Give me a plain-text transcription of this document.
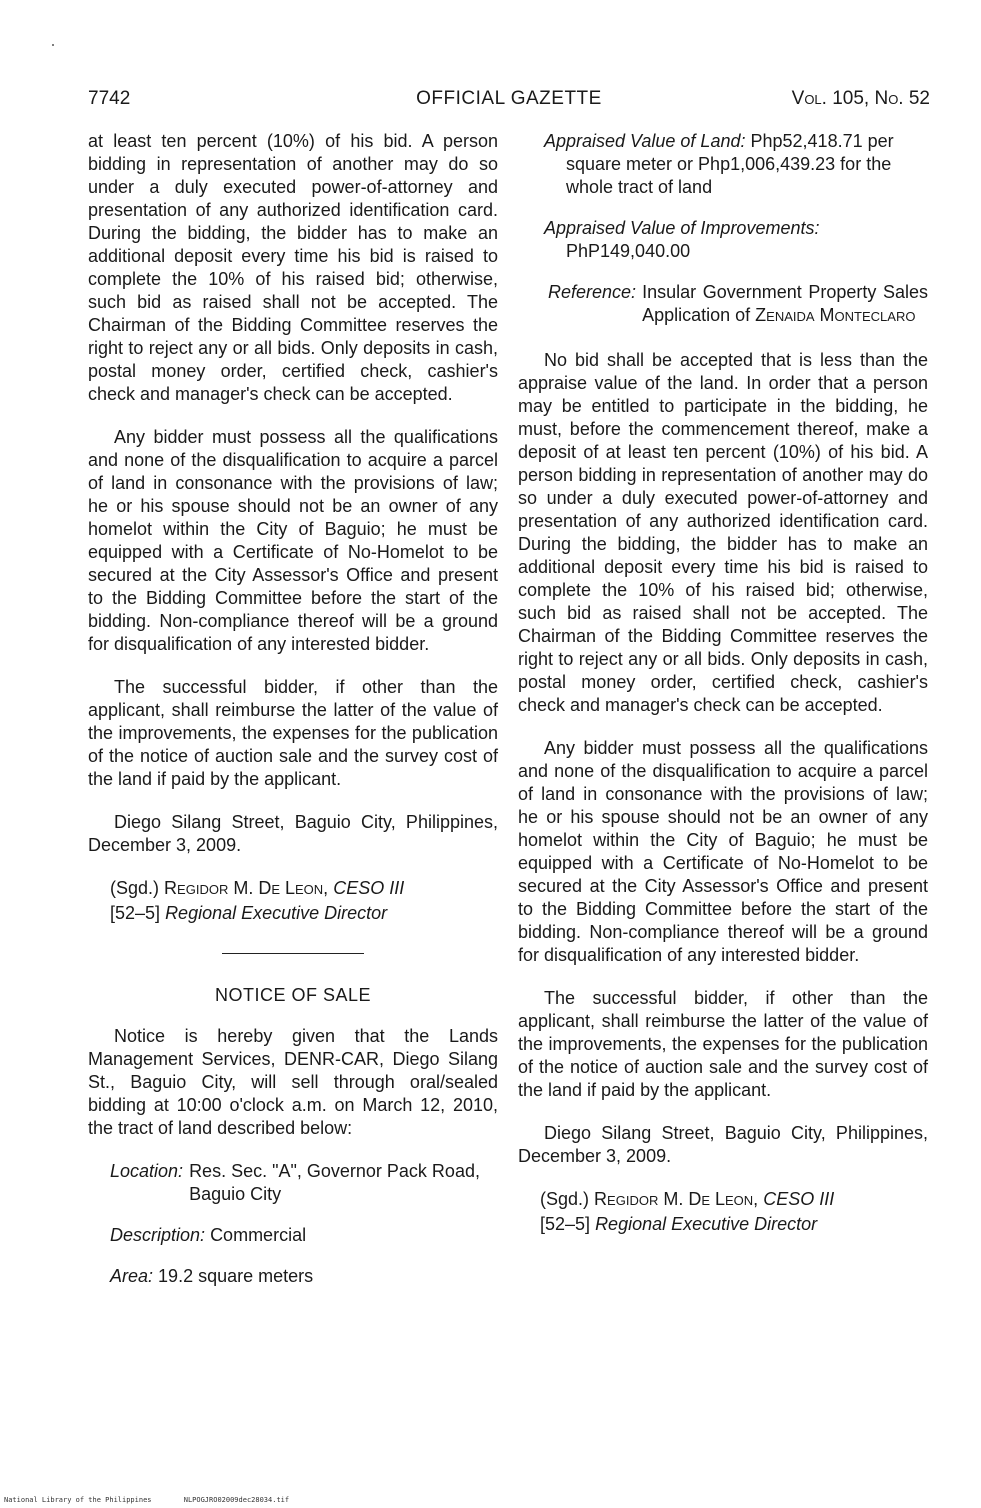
7742	OFFICIAL GAZETTE	Vol. 105, No. 52

at least ten percent (10%) of his bid. A person bidding in representation of another may do so under a duly executed power-of-attorney and presentation of any authorized identification card. During the bidding, the bidder has to make an additional deposit every time his bid is raised to complete the 10% of his raised bid; otherwise, such bid as raised shall not be accepted. The Chairman of the Bidding Committee reserves the right to reject any or all bids. Only deposits in cash, postal money order, certified check, cashier's check and manager's check can be accepted.

Any bidder must possess all the qualifications and none of the disqualification to acquire a parcel of land in consonance with the provisions of law; he or his spouse should not be an owner of any homelot within the City of Baguio; he must be equipped with a Certificate of No-Homelot to be secured at the City Assessor's Office and present to the Bidding Committee before the start of the bidding. Non-compliance thereof will be a ground for disqualification of any interested bidder.

The successful bidder, if other than the applicant, shall reimburse the latter of the value of the improvements, the expenses for the publication of the notice of auction sale and the survey cost of the land if paid by the applicant.

Diego Silang Street, Baguio City, Philippines, December 3, 2009.

(Sgd.) Regidor M. De Leon, CESO III
[52–5] Regional Executive Director
NOTICE OF SALE

Notice is hereby given that the Lands Management Services, DENR-CAR, Diego Silang St., Baguio City, will sell through oral/sealed bidding at 10:00 o'clock a.m. on March 12, 2010, the tract of land described below:

Location: Res. Sec. "A", Governor Pack Road, Baguio City
Description: Commercial
Area: 19.2 square meters
Appraised Value of Land: Php52,418.71 per square meter or Php1,006,439.23 for the whole tract of land
Appraised Value of Improvements: PhP149,040.00
Reference: Insular Government Property Sales Application of Zenaida Monteclaro

No bid shall be accepted that is less than the appraise value of the land. In order that a person may be entitled to participate in the bidding, he must, before the commencement thereof, make a deposit of at least ten percent (10%) of his bid. A person bidding in representation of another may do so under a duly executed power-of-attorney and presentation of any authorized identification card. During the bidding, the bidder has to make an additional deposit every time his bid is raised to complete the 10% of his raised bid; otherwise, such bid as raised shall not be accepted. The Chairman of the Bidding Committee reserves the right to reject any or all bids. Only deposits in cash, postal money order, certified check, cashier's check and manager's check can be accepted.

Any bidder must possess all the qualifications and none of the disqualification to acquire a parcel of land in consonance with the provisions of law; he or his spouse should not be an owner of any homelot within the City of Baguio; he must be equipped with a Certificate of No-Homelot to be secured at the City Assessor's Office and present to the Bidding Committee before the start of the bidding. Non-compliance thereof will be a ground for disqualification of any interested bidder.

The successful bidder, if other than the applicant, shall reimburse the latter of the value of the improvements, the expenses for the publication of the notice of auction sale and the survey cost of the land if paid by the applicant.

Diego Silang Street, Baguio City, Philippines, December 3, 2009.

(Sgd.) Regidor M. De Leon, CESO III
[52–5] Regional Executive Director
National Library of the Philippines	NLPOGJRO02009dec28034.tif
